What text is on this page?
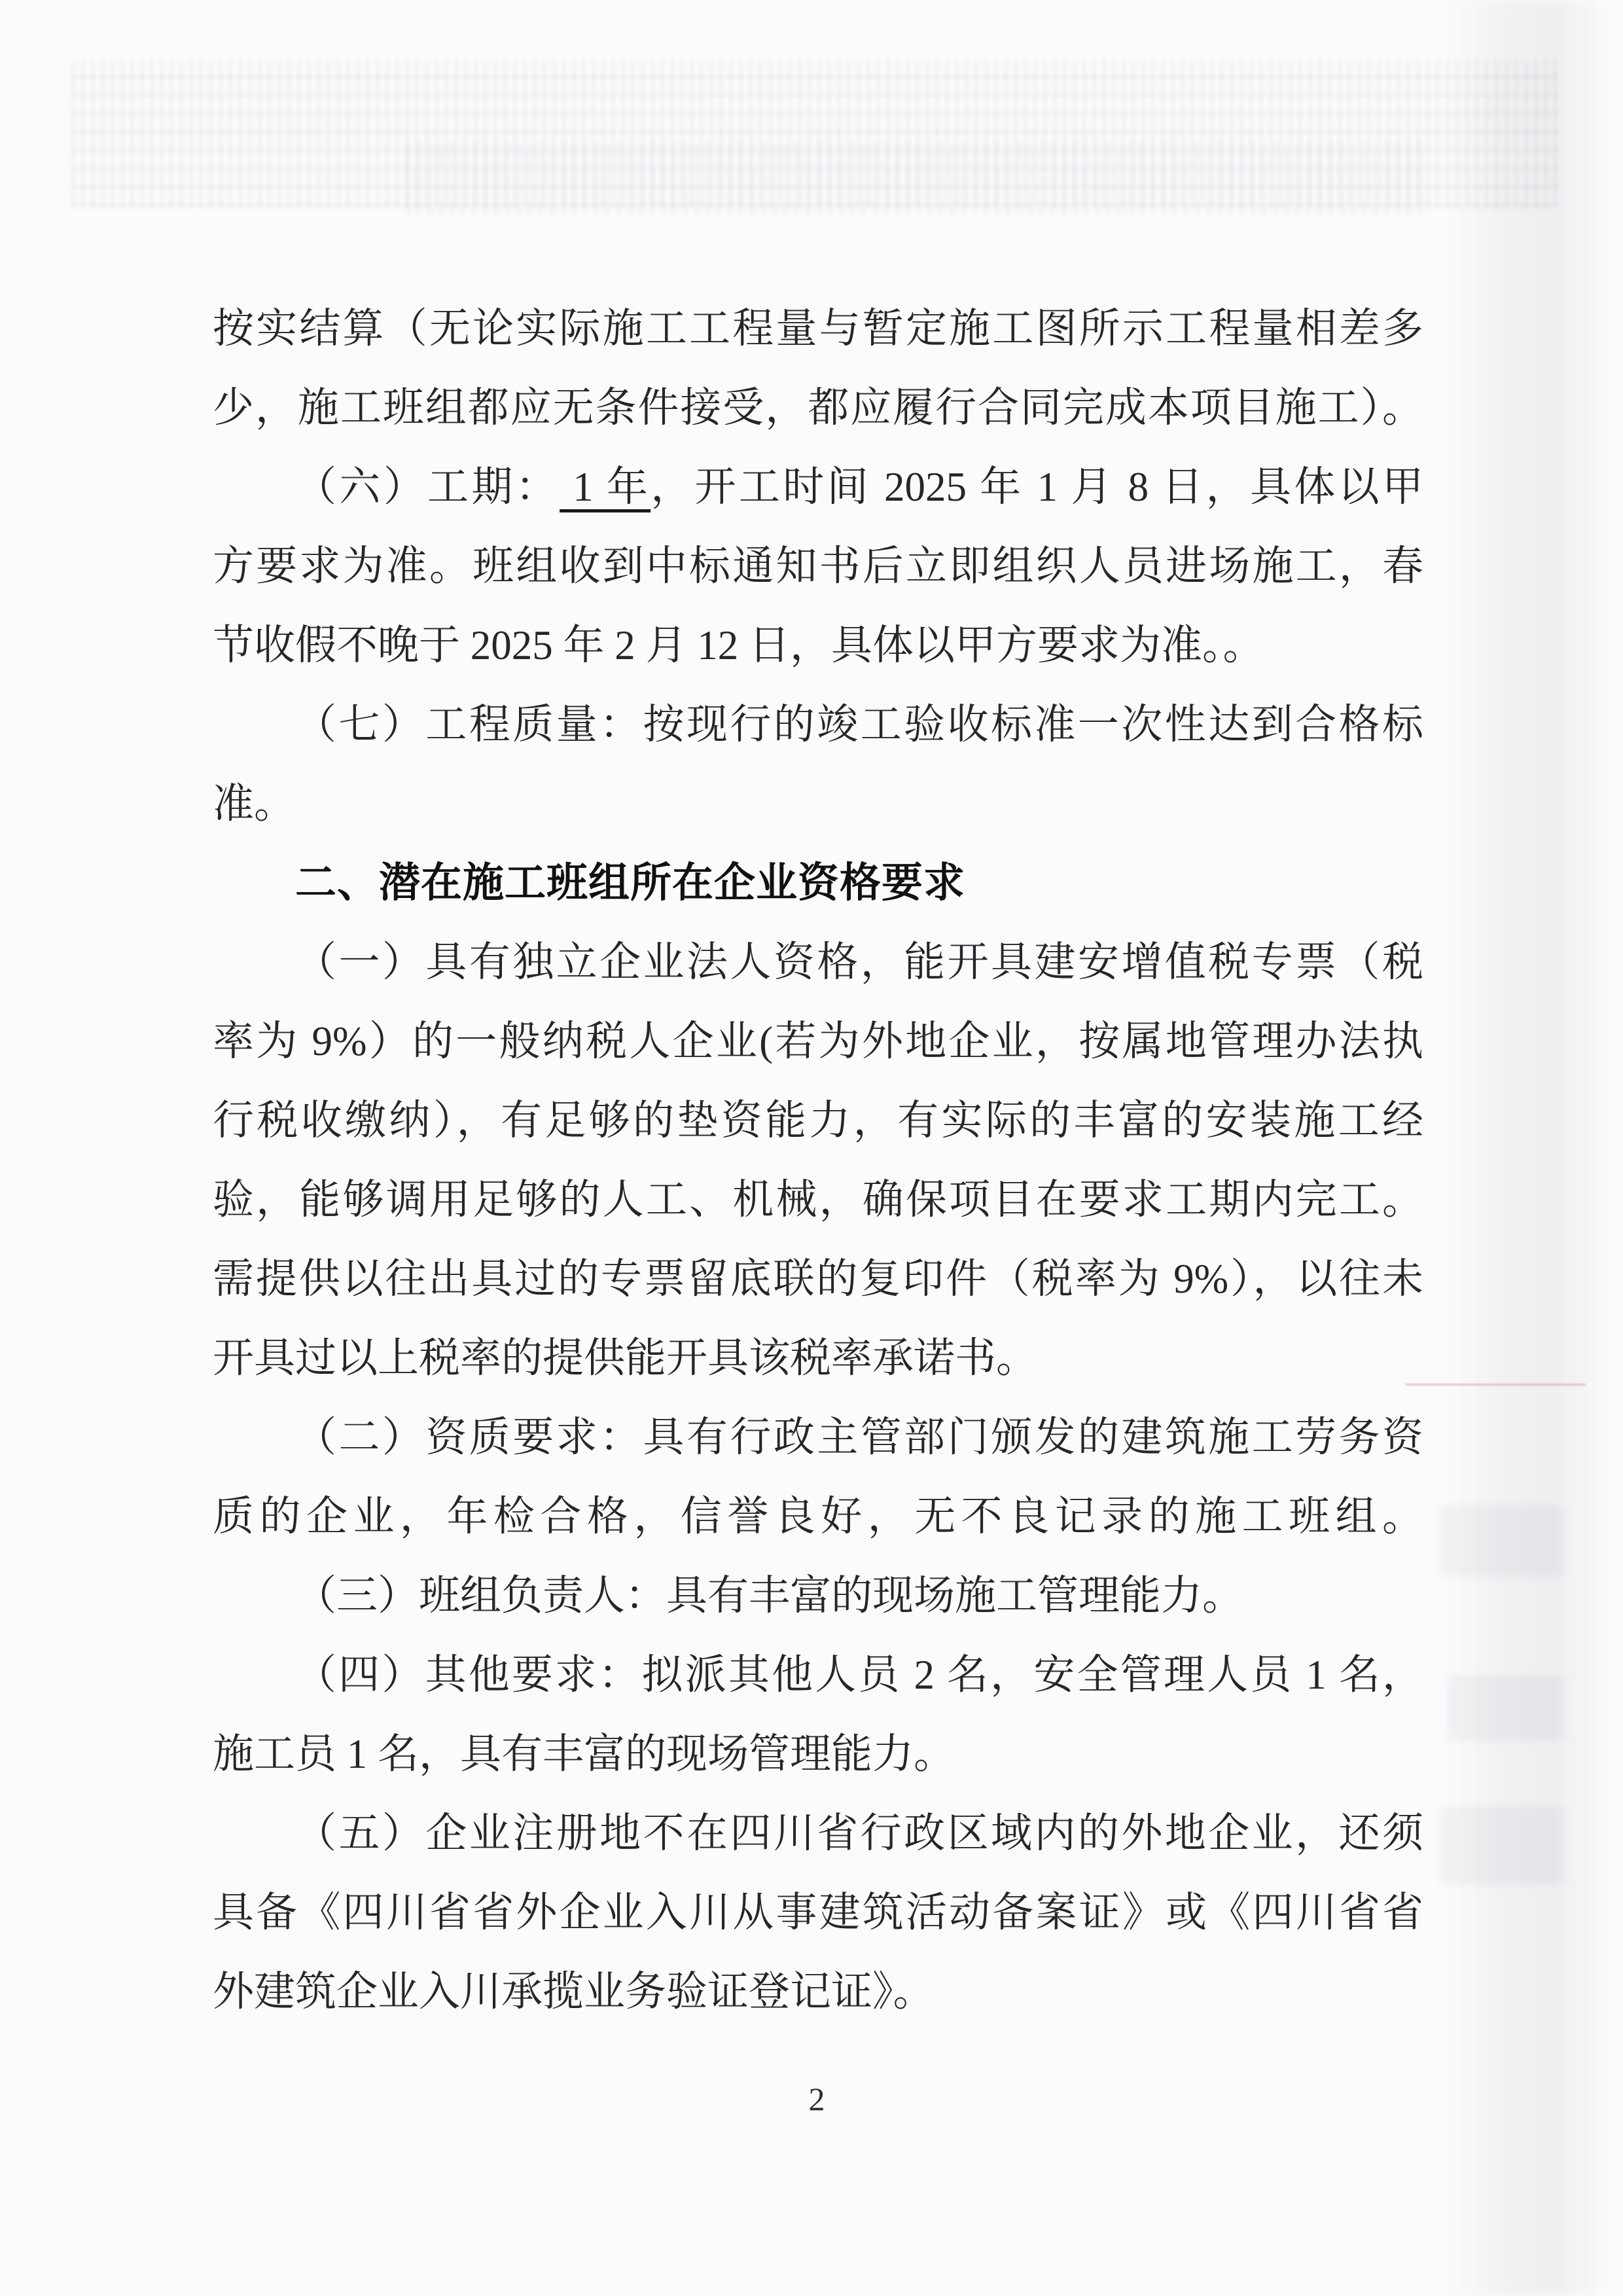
按实结算（无论实际施工工程量与暂定施工图所示工程量相差多
少，施工班组都应无条件接受，都应履行合同完成本项目施工）。
（六）工期： 1 年，开工时间 2025 年 1 月 8 日，具体以甲
方要求为准。班组收到中标通知书后立即组织人员进场施工，春
节收假不晚于 2025 年 2 月 12 日，具体以甲方要求为准。。
（七）工程质量：按现行的竣工验收标准一次性达到合格标
准。
二、潜在施工班组所在企业资格要求
（一）具有独立企业法人资格，能开具建安增值税专票（税
率为 9%）的一般纳税人企业(若为外地企业，按属地管理办法执
行税收缴纳），有足够的垫资能力，有实际的丰富的安装施工经
验，能够调用足够的人工、机械，确保项目在要求工期内完工。
需提供以往出具过的专票留底联的复印件（税率为 9%），以往未
开具过以上税率的提供能开具该税率承诺书。
（二）资质要求：具有行政主管部门颁发的建筑施工劳务资
质的企业，年检合格，信誉良好，无不良记录的施工班组。
（三）班组负责人：具有丰富的现场施工管理能力。
（四）其他要求：拟派其他人员 2 名，安全管理人员 1 名，
施工员 1 名，具有丰富的现场管理能力。
（五）企业注册地不在四川省行政区域内的外地企业，还须
具备《四川省省外企业入川从事建筑活动备案证》或《四川省省
外建筑企业入川承揽业务验证登记证》。
2
